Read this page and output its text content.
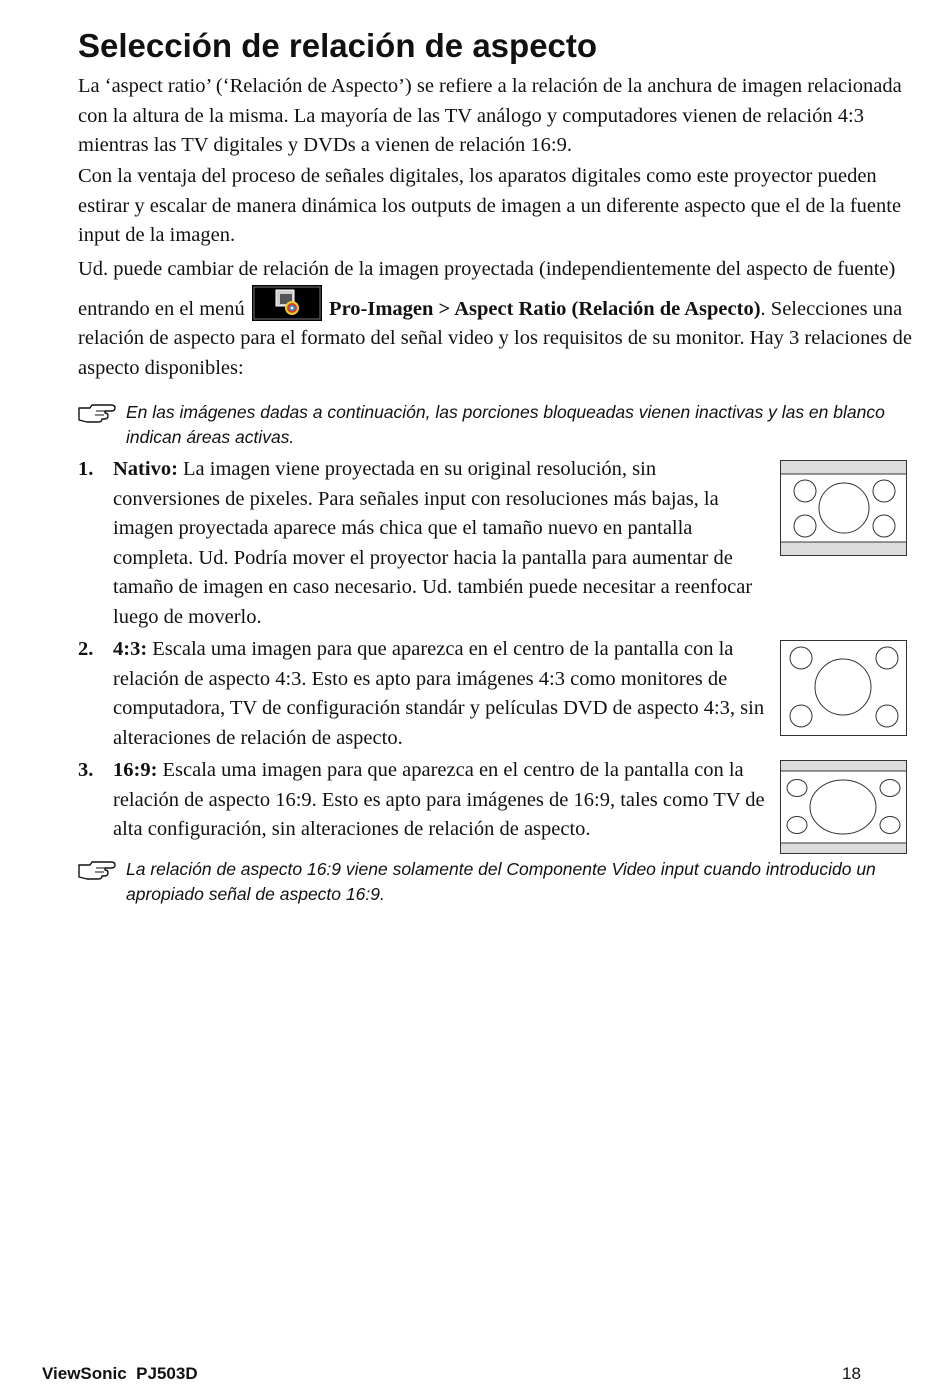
Selección de relación de aspecto

La ‘aspect ratio’ (‘Relación de Aspecto’) se refiere a la relación de la anchura de imagen relacionada con la altura de la misma. La mayoría de las TV análogo y computadores vienen de relación 4:3 mientras las TV digitales y DVDs a vienen de relación 16:9.

Con la ventaja del proceso de señales digitales, los aparatos digitales como este proyector pueden estirar y escalar de manera dinámica los outputs de imagen a un diferente aspecto que el de la fuente input de la imagen.

Ud. puede cambiar de relación de la imagen proyectada (independientemente del aspecto de fuente) entrando en el menú	Pro-Imagen > Aspect Ratio (Relación de Aspecto). Selecciones una relación de aspecto para el formato del señal video y los requisitos de su monitor. Hay 3 relaciones de aspecto disponibles:

En las imágenes dadas a continuación, las porciones bloqueadas vienen inactivas y las en blanco indican áreas activas.

1. Nativo: La imagen viene proyectada en su original resolución, sin conversiones de pixeles. Para señales input con resoluciones más bajas, la imagen proyectada aparece más chica que el tamaño nuevo en pantalla completa. Ud. Podría mover el proyector hacia la pantalla para aumentar de tamaño de imagen en caso necesario. Ud. también puede necesitar a reenfocar luego de moverlo.

2. 4:3: Escala uma imagen para que aparezca en el centro de la pantalla con la relación de aspecto 4:3. Esto es apto para imágenes 4:3 como monitores de computadora, TV de configuración standár y películas DVD de aspecto 4:3, sin alteraciones de relación de aspecto.

3. 16:9: Escala uma imagen para que aparezca en el centro de la pantalla con la relación de aspecto 16:9. Esto es apto para imágenes de 16:9, tales como TV de alta configuración, sin alteraciones de relación de aspecto.

La relación de aspecto 16:9 viene solamente del Componente Video input cuando introducido un apropiado señal de aspecto 16:9.

ViewSonic  PJ503D	18
